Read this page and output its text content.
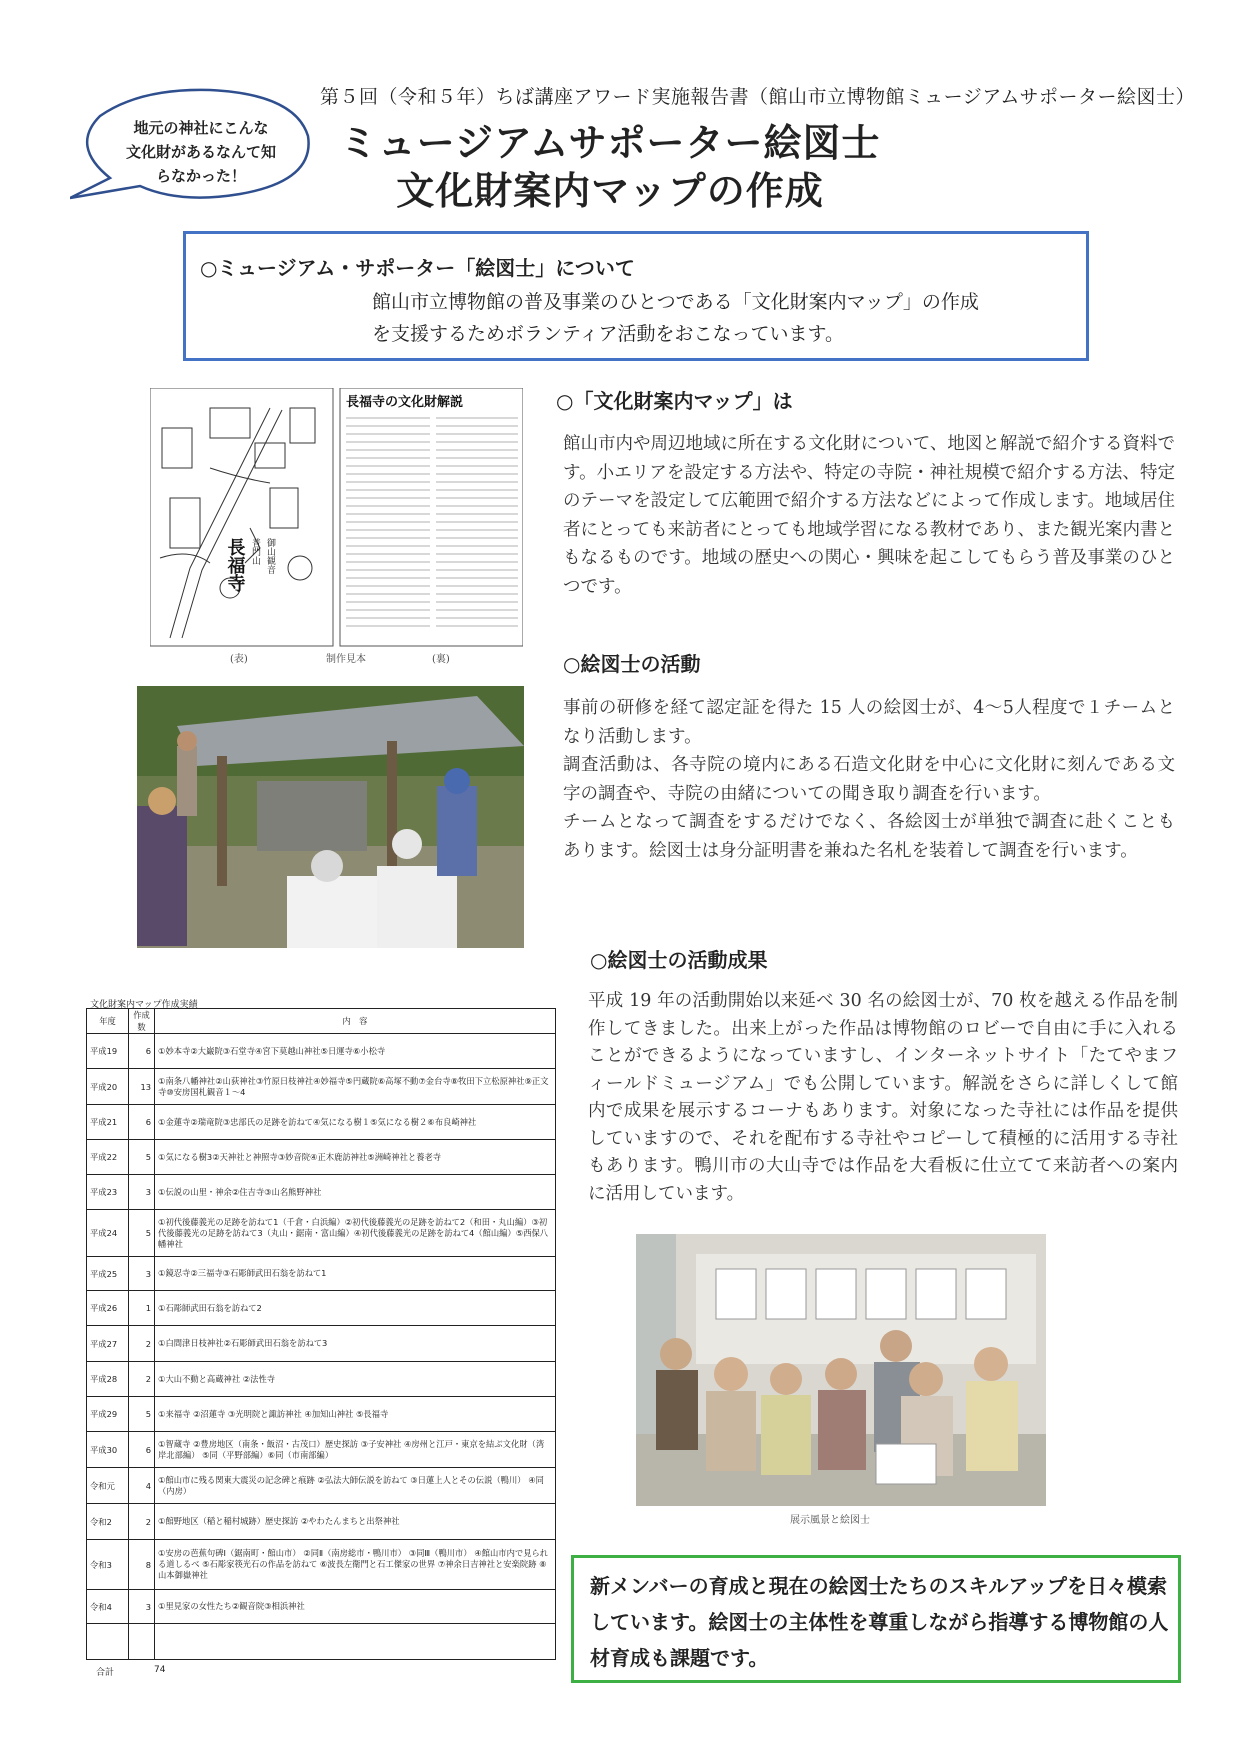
第５回（令和５年）ちば講座アワード実施報告書（館山市立博物館ミュージアムサポーター絵図士）
ミュージアムサポーター絵図士
文化財案内マップの作成
地元の神社にこんな
文化財があるなんて知
らなかった！
○ミュージアム・サポーター「絵図士」について
館山市立博物館の普及事業のひとつである「文化財案内マップ」の作成
を支援するためボランティア活動をおこなっています。
御山観音
普門山
長福寺
長福寺の文化財解説
(表)	制作見本	(裏)
○「文化財案内マップ」は
館山市内や周辺地域に所在する文化財について、地図と解説で紹介する資料です。小エリアを設定する方法や、特定の寺院・神社規模で紹介する方法、特定のテーマを設定して広範囲で紹介する方法などによって作成します。地域居住者にとっても来訪者にとっても地域学習になる教材であり、また観光案内書ともなるものです。地域の歴史への関心・興味を起こしてもらう普及事業のひとつです。
○絵図士の活動
事前の研修を経て認定証を得た 15 人の絵図士が、4～5人程度で１チームとなり活動します。
調査活動は、各寺院の境内にある石造文化財を中心に文化財に刻んである文字の調査や、寺院の由緒についての聞き取り調査を行います。
チームとなって調査をするだけでなく、各絵図士が単独で調査に赴くこともあります。絵図士は身分証明書を兼ねた名札を装着して調査を行います。
○絵図士の活動成果
平成 19 年の活動開始以来延べ 30 名の絵図士が、70 枚を越える作品を制作してきました。出来上がった作品は博物館のロビーで自由に手に入れることができるようになっていますし、インターネットサイト「たてやまフィールドミュージアム」でも公開しています。解説をさらに詳しくして館内で成果を展示するコーナもあります。対象になった寺社には作品を提供していますので、それを配布する寺社やコピーして積極的に活用する寺社もあります。鴨川市の大山寺では作品を大看板に仕立てて来訪者への案内に活用しています。
文化財案内マップ作成実績
年度	作成数	内　容
平成19	6	①妙本寺②大巌院③石堂寺④宮下莫越山神社⑤日運寺⑥小松寺
平成20	13	①南条八幡神社②山荻神社③竹原日枝神社④妙福寺⑤円蔵院⑥高塚不動⑦金台寺⑧牧田下立松原神社⑨正文寺⑩安房国札観音１～4
平成21	6	①金蓮寺②瑞竜院③忠部氏の足跡を訪ねて④気になる樹１⑤気になる樹２⑥布良崎神社
平成22	5	①気になる樹3②天神社と神照寺③妙音院④正木鹿訪神社⑤洲崎神社と養老寺
平成23	3	①伝説の山里・神余②住吉寺③山名熊野神社
平成24	5	①初代後藤義光の足跡を訪ねて1（千倉・白浜編）②初代後藤義光の足跡を訪ねて2（和田・丸山編）③初代後藤義光の足跡を訪ねて3（丸山・鋸南・富山編）④初代後藤義光の足跡を訪ねて4（館山編）⑤西保八幡神社
平成25	3	①鏡忍寺②三福寺③石彫師武田石翁を訪ねて1
平成26	1	①石彫師武田石翁を訪ねて2
平成27	2	①白間津日枝神社②石彫師武田石翁を訪ねて3
平成28	2	①大山不動と高蔵神社 ②法性寺
平成29	5	①来福寺 ②沼蓮寺 ③光明院と諏訪神社 ④加知山神社 ⑤長福寺
平成30	6	①智蔵寺 ②豊房地区（南条・飯沼・古茂口）歴史探訪 ③子安神社 ④房州と江戸・東京を結ぶ文化財（湾岸北部編） ⑤同（平野部編）⑥同（市南部編）
令和元	4	①館山市に残る関東大震災の記念碑と痕跡 ②弘法大師伝説を訪ねて ③日蓮上人とその伝説（鴨川） ④同（内房）
令和2	2	①館野地区（稲と稲村城跡）歴史探訪 ②やわたんまちと出祭神社
令和3	8	①安房の芭蕉句碑Ⅰ（鋸南町・館山市） ②同Ⅱ（南房総市・鴨川市） ③同Ⅲ（鴨川市） ④館山市内で見られる道しるべ ⑤石彫家筷光石の作品を訪ねて ⑥波長左衛門と石工傑家の世界 ⑦神余日吉神社と安楽院跡 ⑧山本御嶽神社
令和4	3	①里見家の女性たち②観音院③相浜神社

合計	74
展示風景と絵図士
新メンバーの育成と現在の絵図士たちのスキルアップを日々模索しています。絵図士の主体性を尊重しながら指導する博物館の人材育成も課題です。
